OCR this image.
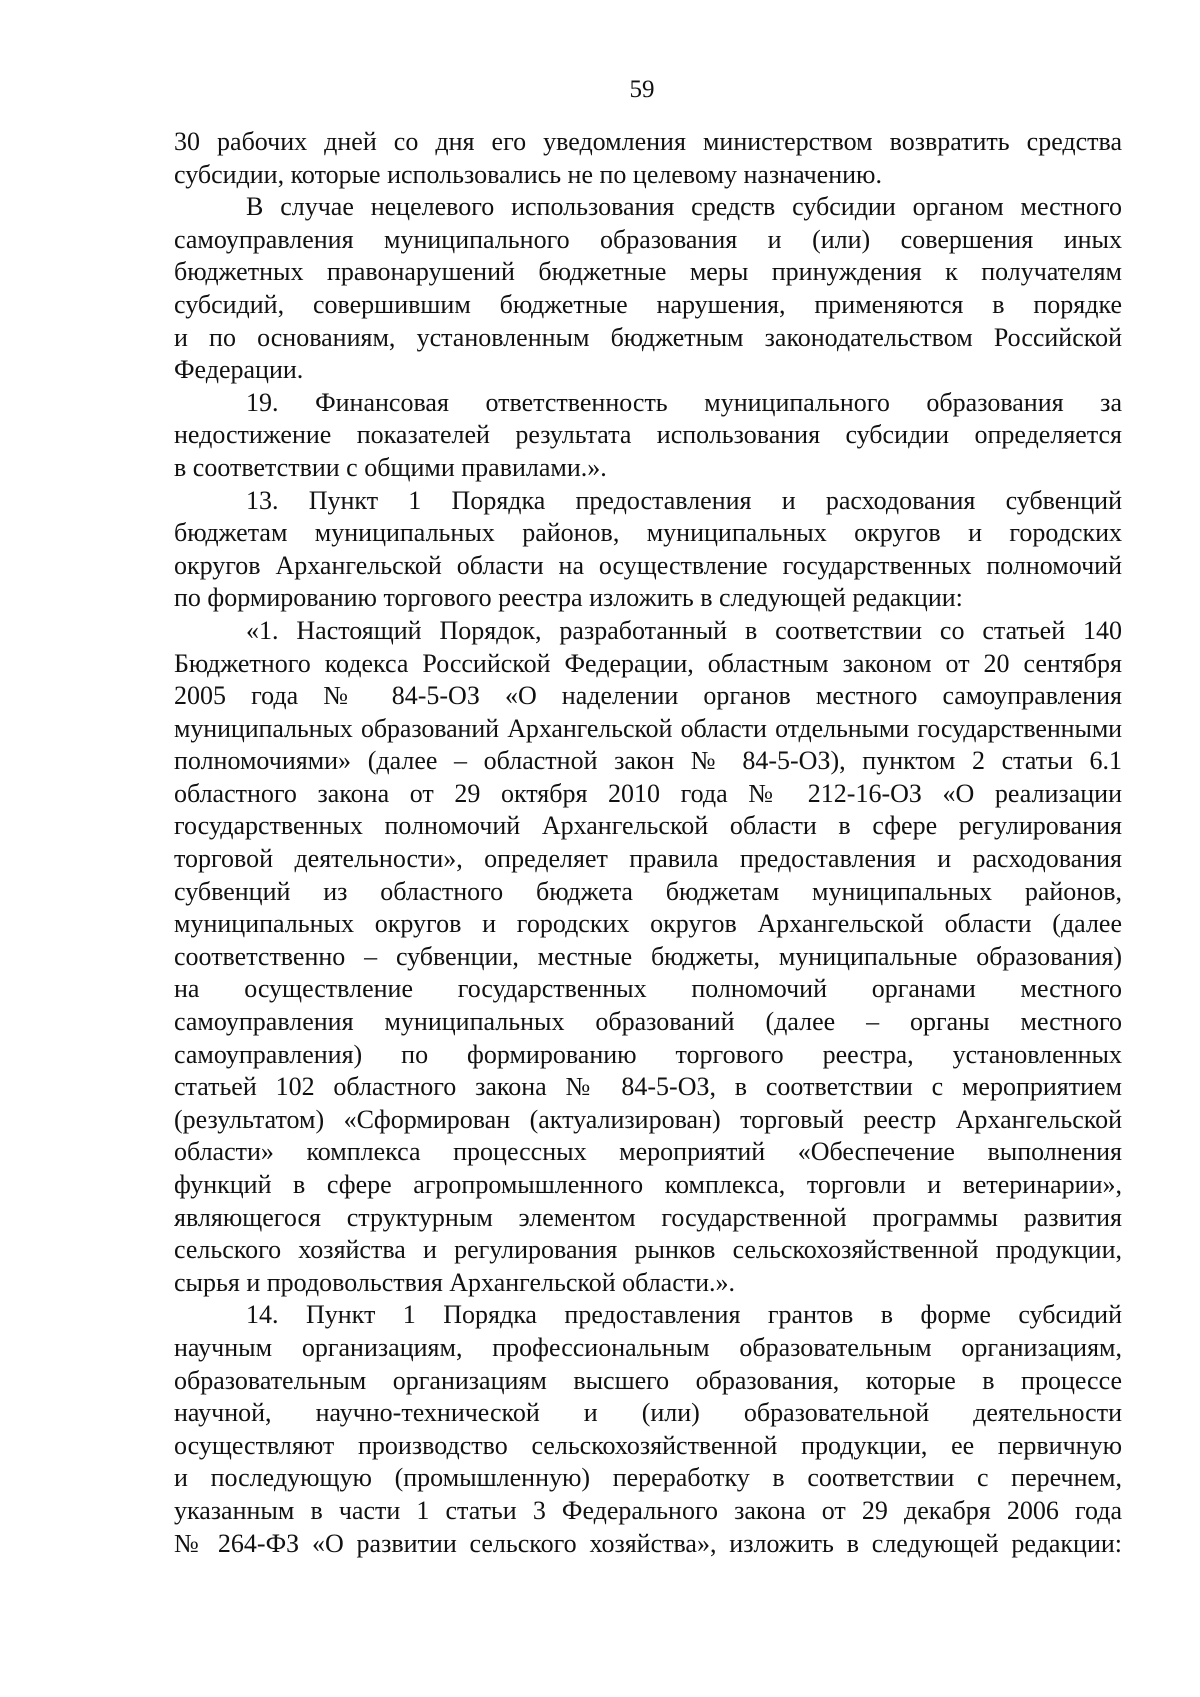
59
30 рабочих дней со дня его уведомления министерством возвратить средства
субсидии, которые использовались не по целевому назначению.
В случае нецелевого использования средств субсидии органом местного
самоуправления муниципального образования и (или) совершения иных
бюджетных правонарушений бюджетные меры принуждения к получателям
субсидий, совершившим бюджетные нарушения, применяются в порядке
и по основаниям, установленным бюджетным законодательством Российской
Федерации.
19. Финансовая ответственность муниципального образования за
недостижение показателей результата использования субсидии определяется
в соответствии с общими правилами.».
13. Пункт 1 Порядка предоставления и расходования субвенций
бюджетам муниципальных районов, муниципальных округов и городских
округов Архангельской области на осуществление государственных полномочий
по формированию торгового реестра изложить в следующей редакции:
«1. Настоящий Порядок, разработанный в соответствии со статьей 140
Бюджетного кодекса Российской Федерации, областным законом от 20 сентября
2005 года № 84-5-ОЗ «О наделении органов местного самоуправления
муниципальных образований Архангельской области отдельными государственными
полномочиями» (далее – областной закон № 84-5-ОЗ), пунктом 2 статьи 6.1
областного закона от 29 октября 2010 года № 212-16-ОЗ «О реализации
государственных полномочий Архангельской области в сфере регулирования
торговой деятельности», определяет правила предоставления и расходования
субвенций из областного бюджета бюджетам муниципальных районов,
муниципальных округов и городских округов Архангельской области (далее
соответственно – субвенции, местные бюджеты, муниципальные образования)
на осуществление государственных полномочий органами местного
самоуправления муниципальных образований (далее – органы местного
самоуправления) по формированию торгового реестра, установленных
статьей 102 областного закона № 84-5-ОЗ, в соответствии с мероприятием
(результатом) «Сформирован (актуализирован) торговый реестр Архангельской
области» комплекса процессных мероприятий «Обеспечение выполнения
функций в сфере агропромышленного комплекса, торговли и ветеринарии»,
являющегося структурным элементом государственной программы развития
сельского хозяйства и регулирования рынков сельскохозяйственной продукции,
сырья и продовольствия Архангельской области.».
14. Пункт 1 Порядка предоставления грантов в форме субсидий
научным организациям, профессиональным образовательным организациям,
образовательным организациям высшего образования, которые в процессе
научной, научно-технической и (или) образовательной деятельности
осуществляют производство сельскохозяйственной продукции, ее первичную
и последующую (промышленную) переработку в соответствии с перечнем,
указанным в части 1 статьи 3 Федерального закона от 29 декабря 2006 года
№ 264-ФЗ «О развитии сельского хозяйства», изложить в следующей редакции:
